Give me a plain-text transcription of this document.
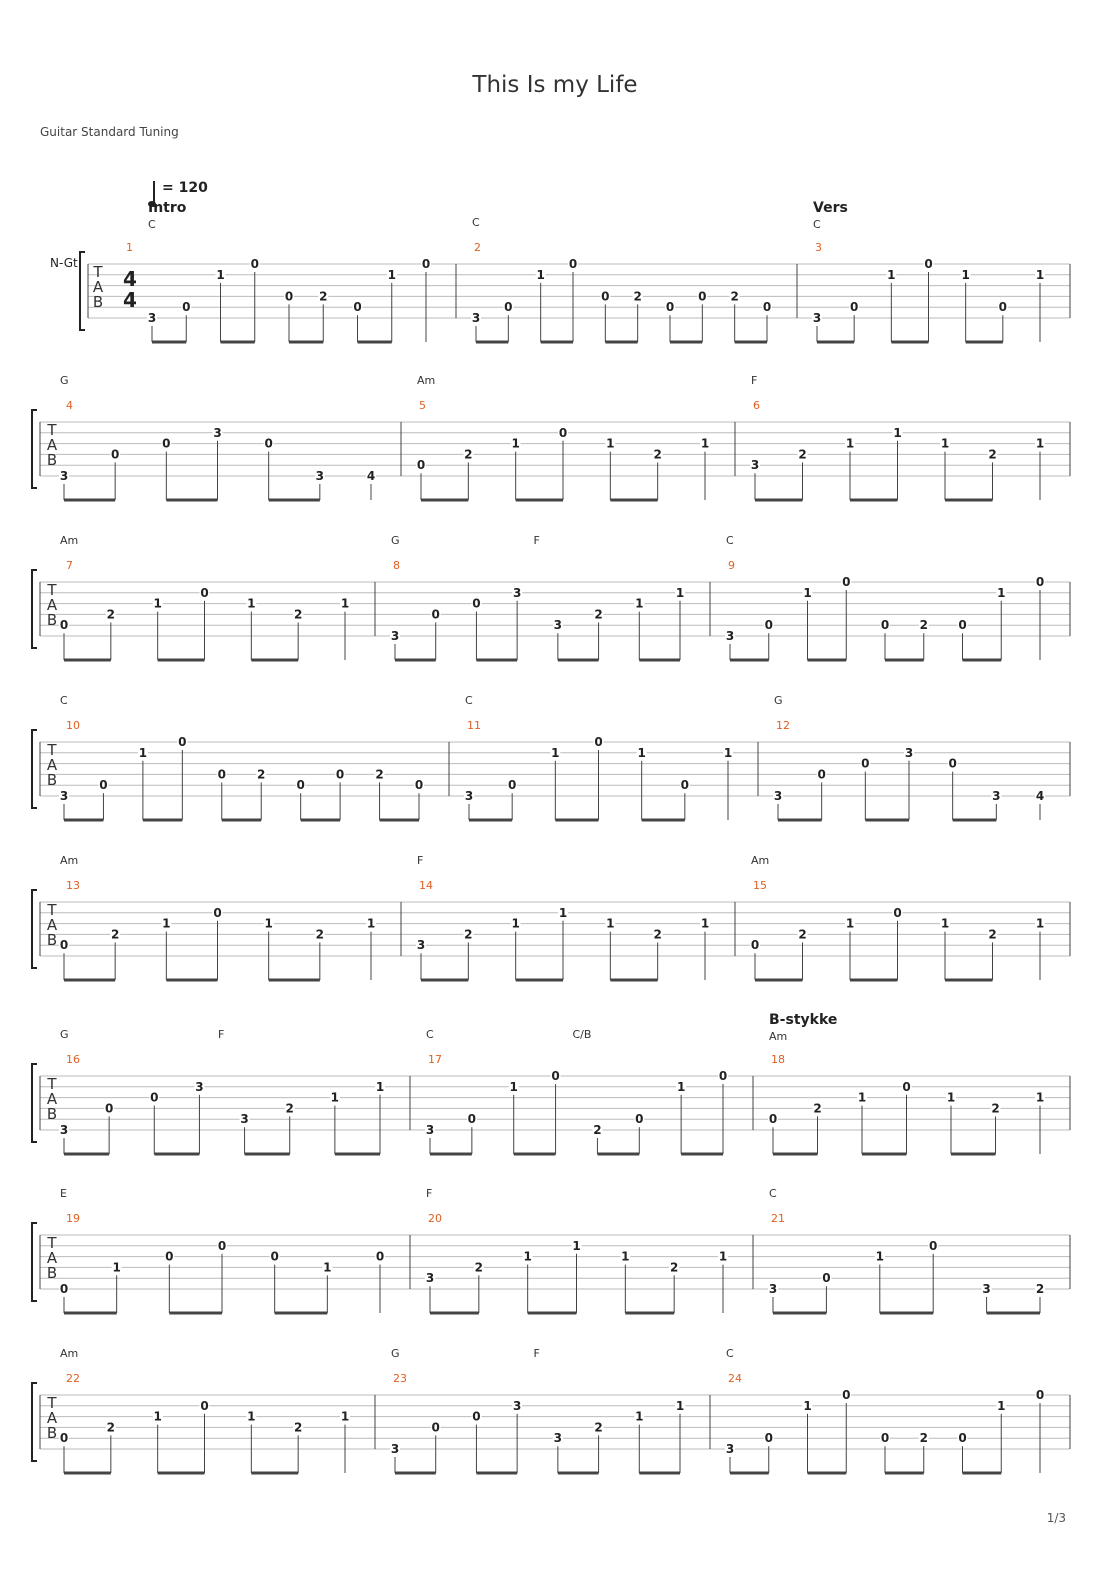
This Is my Life
Guitar Standard Tuning
= 120
N-Gt
1/3
T
A
B
4
4
1
Intro
C
3
0
1
0
0 2
0
1
0
2
C
3
0
1
0
0 2
0
0 2
0
3
Vers
C
3
0
1
0
1
0
1
T
A
B
4
G
3
0
0
3
0
3	4
5
Am
0
2
1
0
1
2
1
6
F
3
2
1
1
1
2
1
T
A
B
7
Am
0
2
1
0
1
2
1
8
G	F
3
0
0
3
3
2
1
1
9
C
3
0
1
0
0	2	0
1
0
T
A
B
10
C
3
0
1
0
0	2
0
0	2
0
11
C
3
0
1
0
1
0
1
12
G
3
0
0
3
0
3	4
T
A
B
13
Am
0
2
1
0
1
2
1
14
F
3
2
1
1
1
2
1
15
Am
0
2
1
0
1
2
1
T
A
B
16
G	F
3
0
0
3
3
2
1
1
17
C	C/B
3
0
1
0
2
0
1
0
18
B-stykke
Am
0
2
1
0
1
2
1
T
A
B
19
E
0
1
0
0
0
1
0
20
F
3
2
1
1
1
2
1
21
C
3
0
1
0
3	2
T
A
B
22
Am
0
2
1
0
1
2
1
23
G	F
3
0
0
3
3
2
1
1
24
C
3
0
1
0
0	2	0
1
0
